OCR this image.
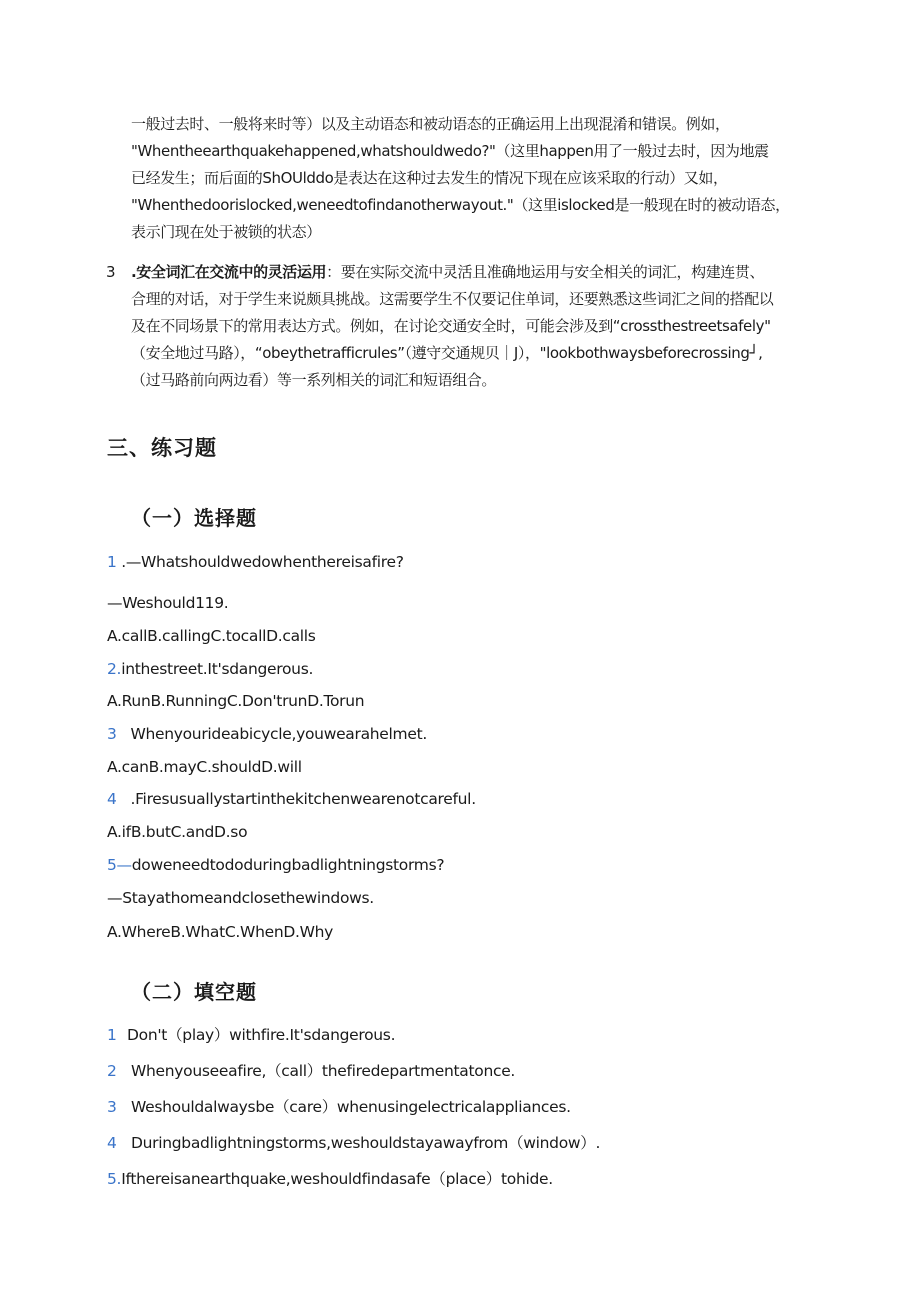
一般过去时、一般将来时等）以及主动语态和被动语态的正确运用上出现混淆和错误。例如，

"Whentheearthquakehappened,whatshouldwedo?"（这里happen用了一般过去时，因为地震

已经发生；而后面的ShOUlddo是表达在这种过去发生的情况下现在应该采取的行动）又如，

"Whenthedoorislocked,weneedtofindanotherwayout."（这里islocked是一般现在时的被动语态，

表示门现在处于被锁的状态）

3 .安全词汇在交流中的灵活运用：要在实际交流中灵活且准确地运用与安全相关的词汇，构建连贯、

合理的对话，对于学生来说颇具挑战。这需要学生不仅要记住单词，还要熟悉这些词汇之间的搭配以

及在不同场景下的常用表达方式。例如，在讨论交通安全时，可能会涉及到“crossthestreetsafely"

（安全地过马路），“obeythetrafficrules”（遵守交通规贝｜J），"lookbothwaysbeforecrossing┘,

（过马路前向两边看）等一系列相关的词汇和短语组合。

三、练习题
（一）选择题

1 .—Whatshouldwedowhenthereisafire?

—Weshould119.

A.callB.callingC.tocallD.calls

2.inthestreet.It'sdangerous.

A.RunB.RunningC.Don'trunD.Torun

3   Whenyourideabicycle,youwearahelmet.

A.canB.mayC.shouldD.will

4   .Firesusuallystartinthekitchenwearenotcareful.

A.ifB.butC.andD.so

5—doweneedtododuringbadlightningstorms?

—Stayathomeandclosethewindows.

A.WhereB.WhatC.WhenD.Why

（二）填空题

1 Don't（play）withfire.It'sdangerous.

2 Whenyouseeafire,（call）thefiredepartmentatonce.

3 Weshouldalwaysbe（care）whenusingelectricalappliances.

4 Duringbadlightningstorms,weshouldstayawayfrom（window）.

5.Ifthereisanearthquake,weshouldfindasafe（place）tohide.
